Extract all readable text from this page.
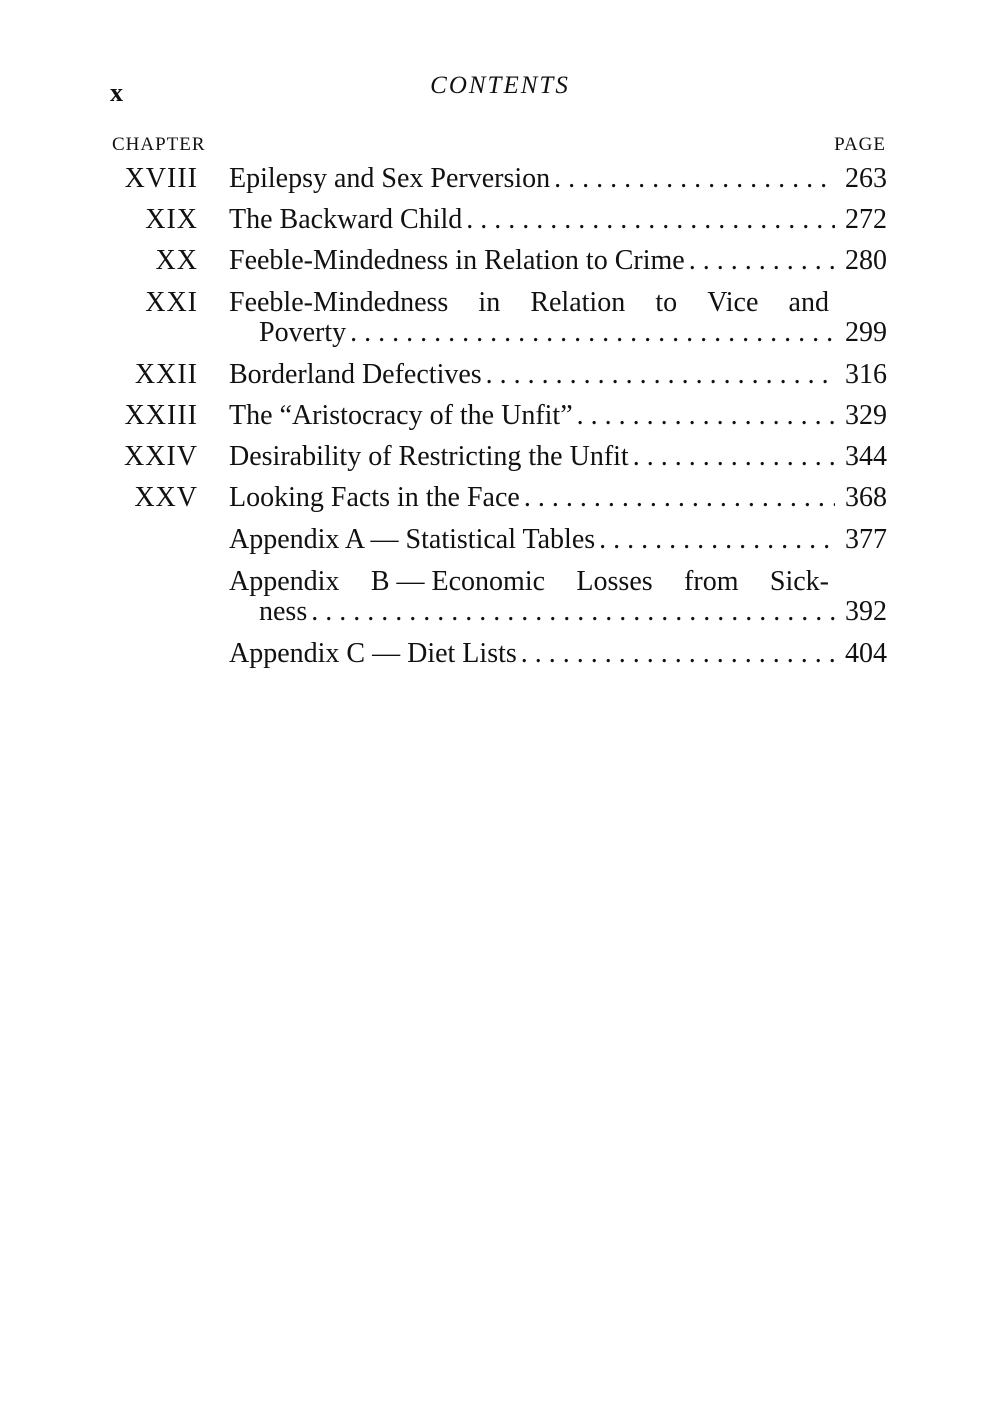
x	CONTENTS
CHAPTER	PAGE
XVIII Epilepsy and Sex Perversion . . .	263
XIX The Backward Child . . .	272
XX Feeble-Mindedness in Relation to Crime . . .	280
XXI Feeble-Mindedness in Relation to Vice and
Poverty . . .	299
XXII Borderland Defectives . . .	316
XXIII The “Aristocracy of the Unfit” . . .	329
XXIV Desirability of Restricting the Unfit . . .	344
XXV Looking Facts in the Face . . .	368
Appendix A — Statistical Tables . . .	377
Appendix B — Economic Losses from Sick-
ness . . .	392
Appendix C — Diet Lists . . .	404
